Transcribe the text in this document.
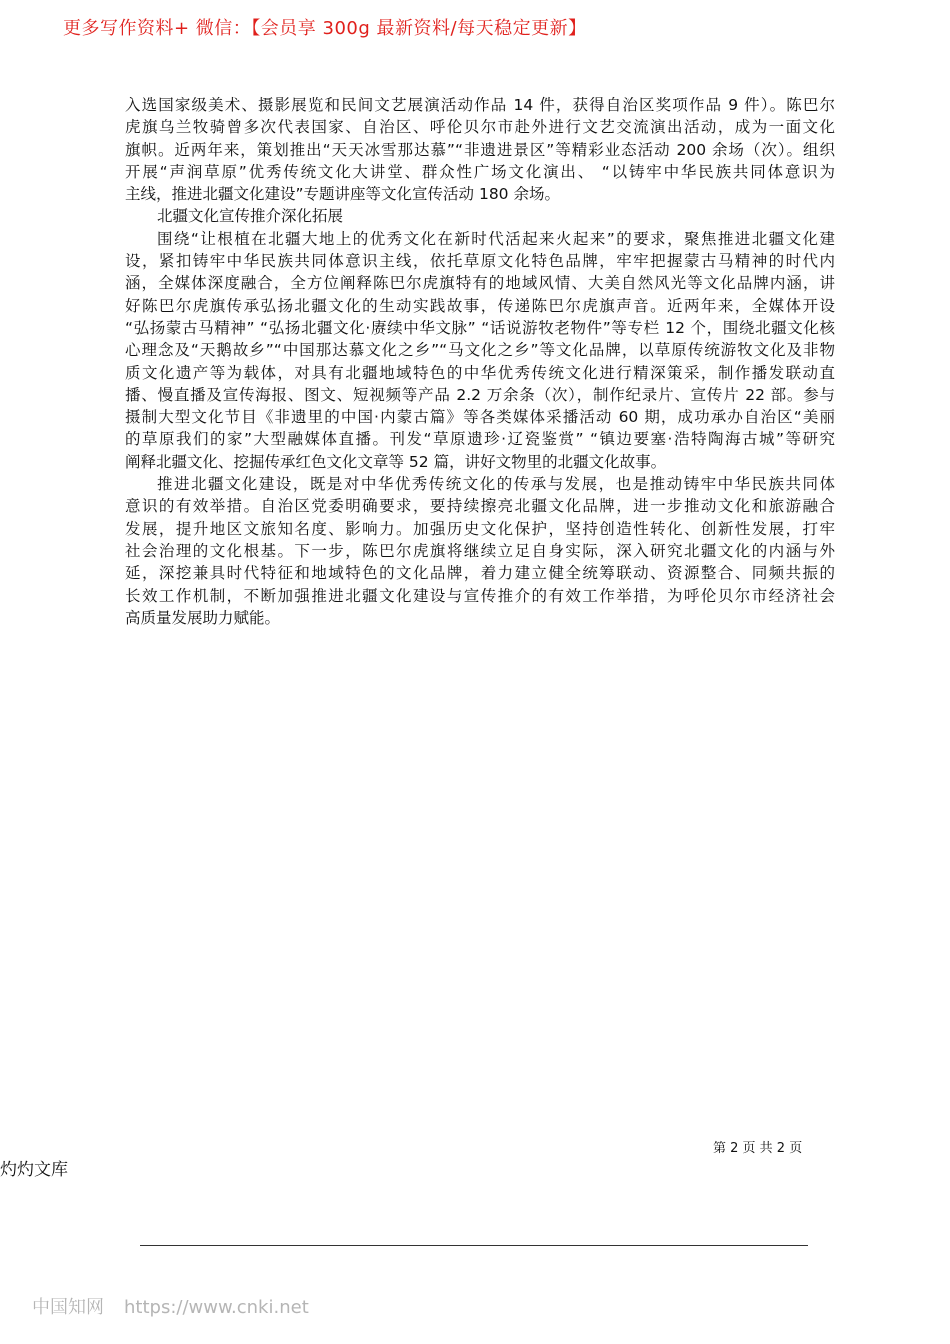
更多写作资料+ 微信：【会员享 300g 最新资料/每天稳定更新】
入选国家级美术、摄影展览和民间文艺展演活动作品 14 件，获得自治区奖项作品 9 件）。陈巴尔
虎旗乌兰牧骑曾多次代表国家、自治区、呼伦贝尔市赴外进行文艺交流演出活动，成为一面文化
旗帜。近两年来，策划推出“天天冰雪那达慕”“非遗进景区”等精彩业态活动 200 余场（次）。组织
开展“声润草原”优秀传统文化大讲堂、群众性广场文化演出、 “以铸牢中华民族共同体意识为
主线，推进北疆文化建设”专题讲座等文化宣传活动 180 余场。
北疆文化宣传推介深化拓展
围绕“让根植在北疆大地上的优秀文化在新时代活起来火起来”的要求，聚焦推进北疆文化建
设，紧扣铸牢中华民族共同体意识主线，依托草原文化特色品牌，牢牢把握蒙古马精神的时代内
涵，全媒体深度融合，全方位阐释陈巴尔虎旗特有的地域风情、大美自然风光等文化品牌内涵，讲
好陈巴尔虎旗传承弘扬北疆文化的生动实践故事，传递陈巴尔虎旗声音。近两年来，全媒体开设
“弘扬蒙古马精神” “弘扬北疆文化·赓续中华文脉” “话说游牧老物件”等专栏 12 个，围绕北疆文化核
心理念及“天鹅故乡”“中国那达慕文化之乡”“马文化之乡”等文化品牌，以草原传统游牧文化及非物
质文化遗产等为载体，对具有北疆地域特色的中华优秀传统文化进行精深策采，制作播发联动直
播、慢直播及宣传海报、图文、短视频等产品 2.2 万余条（次），制作纪录片、宣传片 22 部。参与
摄制大型文化节目《非遗里的中国·内蒙古篇》等各类媒体采播活动 60 期，成功承办自治区“美丽
的草原我们的家”大型融媒体直播。刊发“草原遗珍·辽瓷鉴赏” “镇边要塞·浩特陶海古城”等研究
阐释北疆文化、挖掘传承红色文化文章等 52 篇，讲好文物里的北疆文化故事。
推进北疆文化建设，既是对中华优秀传统文化的传承与发展，也是推动铸牢中华民族共同体
意识的有效举措。自治区党委明确要求，要持续擦亮北疆文化品牌，进一步推动文化和旅游融合
发展，提升地区文旅知名度、影响力。加强历史文化保护，坚持创造性转化、创新性发展，打牢
社会治理的文化根基。下一步，陈巴尔虎旗将继续立足自身实际，深入研究北疆文化的内涵与外
延，深挖兼具时代特征和地域特色的文化品牌，着力建立健全统筹联动、资源整合、同频共振的
长效工作机制，不断加强推进北疆文化建设与宣传推介的有效工作举措，为呼伦贝尔市经济社会
高质量发展助力赋能。
第 2 页 共 2 页
灼灼文库
中国知网 https://www.cnki.net
